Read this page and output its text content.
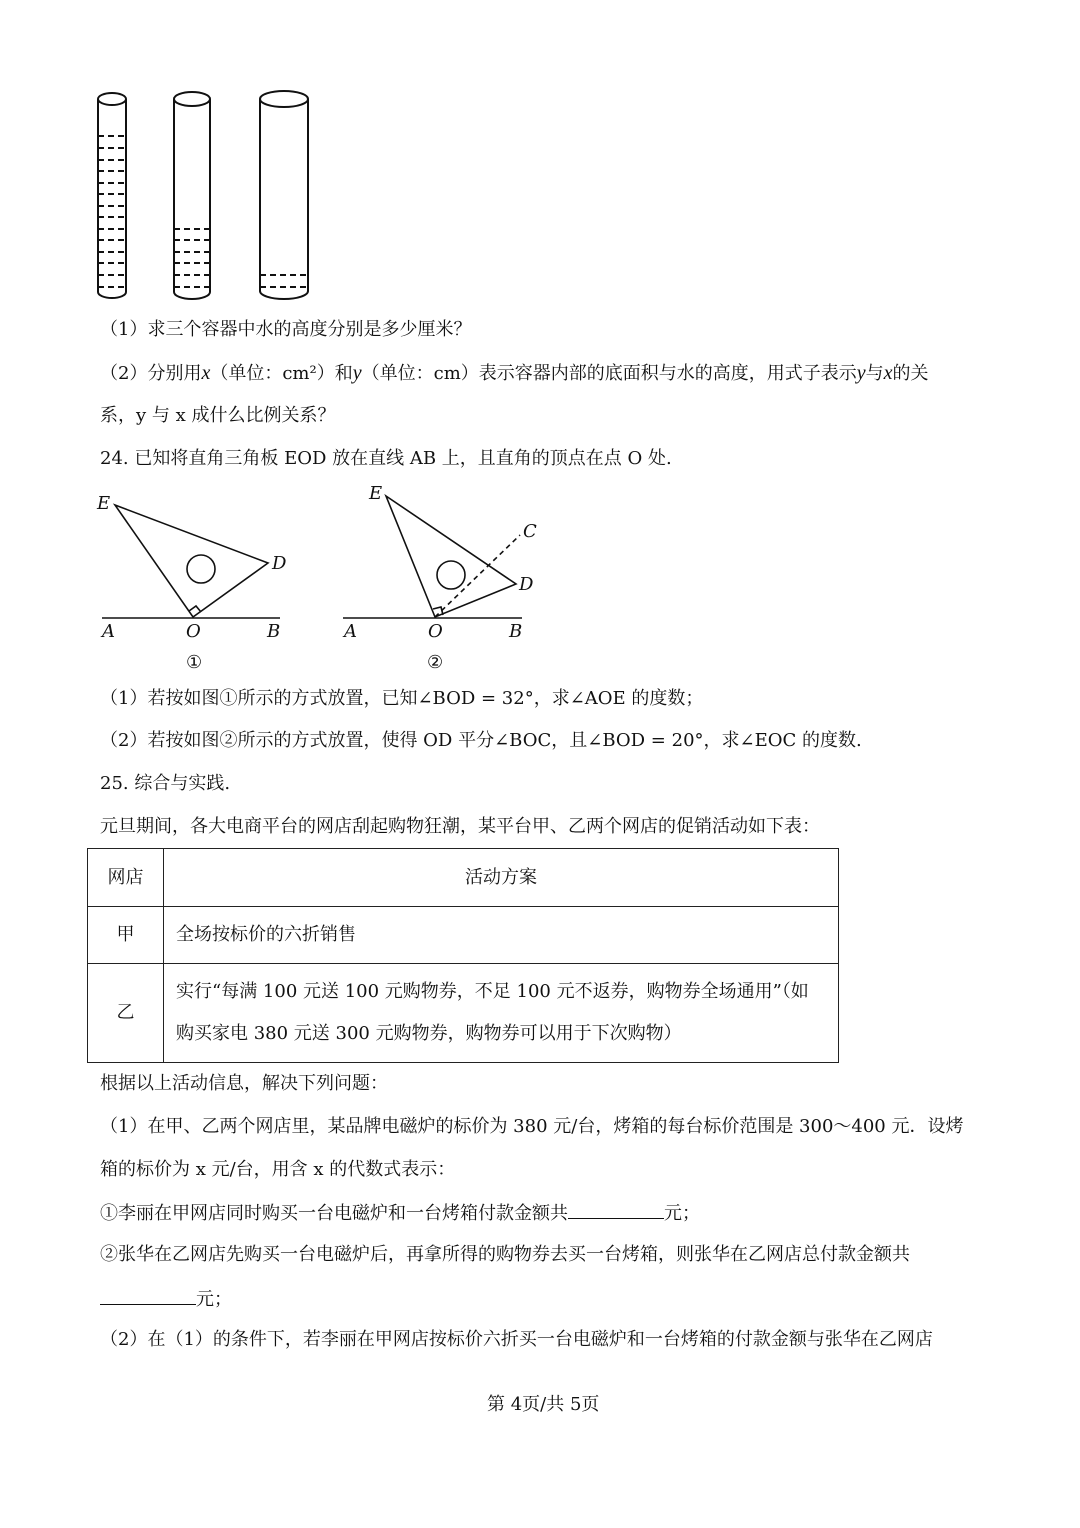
E
D
A	O	B
①
E
C
D
A	O	B
②
（1）求三个容器中水的高度分别是多少厘米？
（2）分别用x（单位：cm²）和y（单位：cm）表示容器内部的底面积与水的高度，用式子表示y与x的关
系，y 与 x 成什么比例关系？
24. 已知将直角三角板 EOD 放在直线 AB 上，且直角的顶点在点 O 处.
（1）若按如图①所示的方式放置，已知∠BOD = 32°，求∠AOE 的度数；
（2）若按如图②所示的方式放置，使得 OD 平分∠BOC，且∠BOD = 20°，求∠EOC 的度数.
25. 综合与实践.
元旦期间，各大电商平台的网店刮起购物狂潮，某平台甲、乙两个网店的促销活动如下表：
网店	活动方案
甲	全场按标价的六折销售
乙	实行“每满 100 元送 100 元购物券，不足 100 元不返券，购物券全场通用”（如
购买家电 380 元送 300 元购物券，购物券可以用于下次购物）
根据以上活动信息，解决下列问题：
（1）在甲、乙两个网店里，某品牌电磁炉的标价为 380 元/台，烤箱的每台标价范围是 300～400 元．设烤
箱的标价为 x 元/台，用含 x 的代数式表示：
①李丽在甲网店同时购买一台电磁炉和一台烤箱付款金额共	元；
②张华在乙网店先购买一台电磁炉后，再拿所得的购物券去买一台烤箱，则张华在乙网店总付款金额共
元；
（2）在（1）的条件下，若李丽在甲网店按标价六折买一台电磁炉和一台烤箱的付款金额与张华在乙网店
第 4页/共 5页
